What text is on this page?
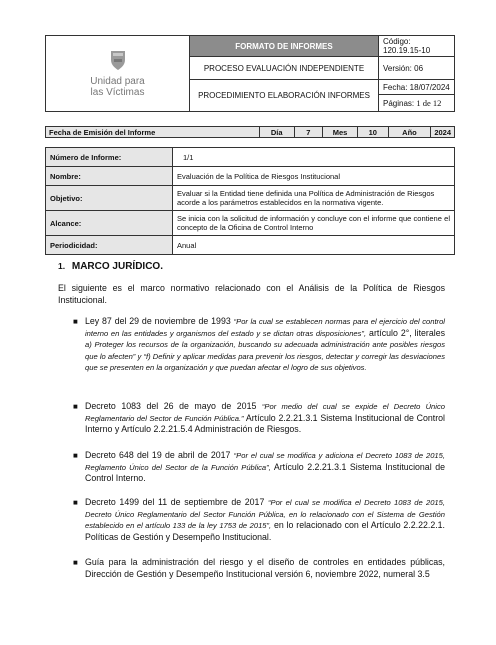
Unidad para
las Víctimas	FORMATO DE INFORMES	Código: 120.19.15-10
	PROCESO EVALUACIÓN INDEPENDIENTE	Versión: 06
	PROCEDIMIENTO ELABORACIÓN INFORMES	Fecha: 18/07/2024
		Páginas: 1 de 12
Fecha de Emisión del Informe	Día	7	Mes	10	Año	2024
Número de Informe:	1/1
Nombre:	Evaluación de la Política de Riesgos Institucional
Objetivo:	Evaluar si la Entidad tiene definida una Política de Administración de Riesgos acorde a los parámetros establecidos en la normativa vigente.
Alcance:	Se inicia con la solicitud de información y concluye con el informe que contiene el concepto de la Oficina de Control Interno
Periodicidad:	Anual
1. MARCO JURÍDICO.
El siguiente es el marco normativo relacionado con el Análisis de la Política de Riesgos Institucional.
■ Ley 87 del 29 de noviembre de 1993 “Por la cual se establecen normas para el ejercicio del control interno en las entidades y organismos del estado y se dictan otras disposiciones”, artículo 2°, literales a) Proteger los recursos de la organización, buscando su adecuada administración ante posibles riesgos que lo afecten” y “f) Definir y aplicar medidas para prevenir los riesgos, detectar y corregir las desviaciones que se presenten en la organización y que puedan afectar el logro de sus objetivos.
■ Decreto 1083 del 26 de mayo de 2015 “Por medio del cual se expide el Decreto Único Reglamentario del Sector de Función Pública.” Artículo 2.2.21.3.1 Sistema Institucional de Control Interno y Artículo 2.2.21.5.4 Administración de Riesgos.
■ Decreto 648 del 19 de abril de 2017 “Por el cual se modifica y adiciona el Decreto 1083 de 2015, Reglamento Único del Sector de la Función Pública”, Artículo 2.2.21.3.1 Sistema Institucional de Control Interno.
■ Decreto 1499 del 11 de septiembre de 2017 “Por el cual se modifica el Decreto 1083 de 2015, Decreto Único Reglamentario del Sector Función Pública, en lo relacionado con el Sistema de Gestión establecido en el artículo 133 de la ley 1753 de 2015”, en lo relacionado con el Artículo 2.2.22.2.1. Políticas de Gestión y Desempeño Institucional.
■ Guía para la administración del riesgo y el diseño de controles en entidades públicas, Dirección de Gestión y Desempeño Institucional versión 6, noviembre 2022, numeral 3.5
